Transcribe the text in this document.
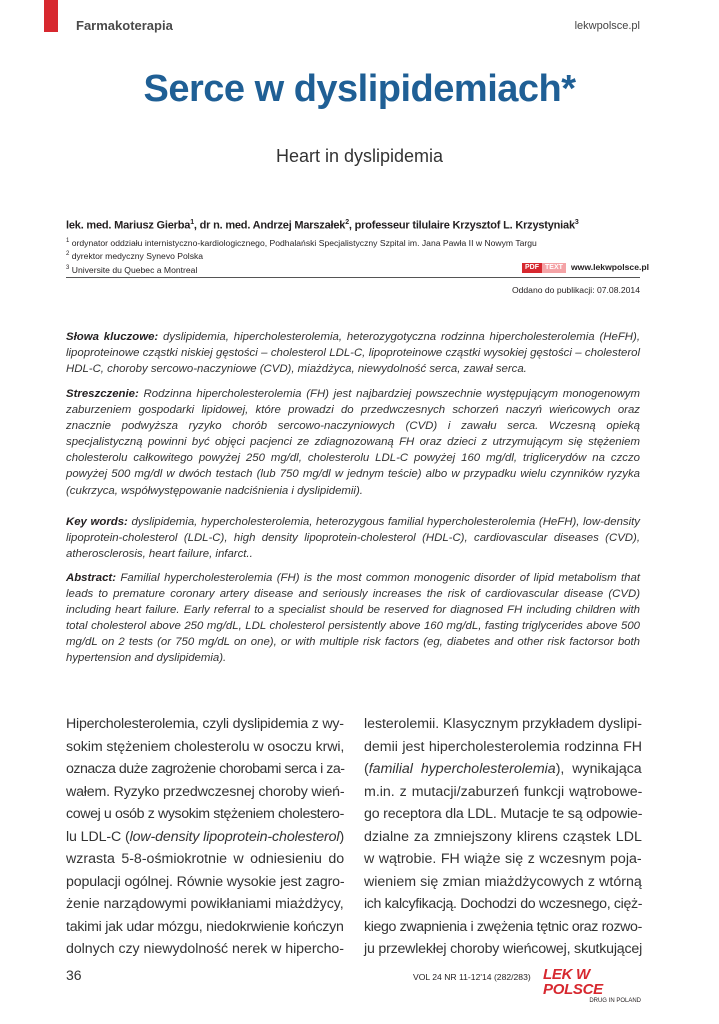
Farmakoterapia	lekwpolsce.pl
Serce w dyslipidemiach*
Heart in dyslipidemia
lek. med. Mariusz Gierba$^1$, dr n. med. Andrzej Marszałek$^2$, professeur tilulaire Krzysztof L. Krzystyniak$^3$
$^1$ ordynator oddziału internistyczno-kardiologicznego, Podhalański Specjalistyczny Szpital im. Jana Pawła II w Nowym Targu
$^2$ dyrektor medyczny Synevo Polska
$^3$ Universite du Quebec a Montreal	PDF TEXT www.lekwpolsce.pl
Oddano do publikacji: 07.08.2014

Słowa kluczowe: dyslipidemia, hipercholesterolemia, heterozygotyczna rodzinna hipercholesterolemia (HeFH), lipoproteinowe cząstki niskiej gęstości – cholesterol LDL-C, lipoproteinowe cząstki wysokiej gęstości – cholesterol HDL-C, choroby sercowo-naczyniowe (CVD), miażdżyca, niewydolność serca, zawał serca.

Streszczenie: Rodzinna hipercholesterolemia (FH) jest najbardziej powszechnie występującym monogenowym zaburzeniem gospodarki lipidowej, które prowadzi do przedwczesnych schorzeń naczyń wieńcowych oraz znacznie podwyższa ryzyko chorób sercowo-naczyniowych (CVD) i zawału serca. Wczesną opieką specjalistyczną powinni być objęci pacjenci ze zdiagnozowaną FH oraz dzieci z utrzymującym się stężeniem cholesterolu całkowitego powyżej 250 mg/dl, cholesterolu LDL-C powyżej 160 mg/dl, triglicerydów na czczo powyżej 500 mg/dl w dwóch testach (lub 750 mg/dl w jednym teście) albo w przypadku wielu czynników ryzyka (cukrzyca, współwystępowanie nadciśnienia i dyslipidemii).

Key words: dyslipidemia, hypercholesterolemia, heterozygous familial hypercholesterolemia (HeFH), low-density lipoprotein-cholesterol (LDL-C), high density lipoprotein-cholesterol (HDL-C), cardiovascular diseases (CVD), atherosclerosis, heart failure, infarct..

Abstract: Familial hypercholesterolemia (FH) is the most common monogenic disorder of lipid metabolism that leads to premature coronary artery disease and seriously increases the risk of cardiovascular disease (CVD) including heart failure. Early referral to a specialist should be reserved for diagnosed FH including children with total cholesterol above 250 mg/dL, LDL cholesterol persistently above 160 mg/dL, fasting triglycerides above 500 mg/dL on 2 tests (or 750 mg/dL on one), or with multiple risk factors (eg, diabetes and other risk factorsor both hypertension and dyslipidemia).

Hipercholesterolemia, czyli dyslipidemia z wy-
sokim stężeniem cholesterolu w osoczu krwi,
oznacza duże zagrożenie chorobami serca i za-
wałem. Ryzyko przedwczesnej choroby wień-
cowej u osób z wysokim stężeniem cholestero-
lu LDL-C (low-density lipoprotein-cholesterol)
wzrasta 5-8-ośmiokrotnie w odniesieniu do
populacji ogólnej. Równie wysokie jest zagro-
żenie narządowymi powikłaniami miażdżycy,
takimi jak udar mózgu, niedokrwienie kończyn
dolnych czy niewydolność nerek w hipercho-
lesterolemii. Klasycznym przykładem dyslipi-
demii jest hipercholesterolemia rodzinna FH
(familial hypercholesterolemia), wynikająca
m.in. z mutacji/zaburzeń funkcji wątrobowe-
go receptora dla LDL. Mutacje te są odpowie-
dzialne za zmniejszony klirens cząstek LDL
w wątrobie. FH wiąże się z wczesnym poja-
wieniem się zmian miażdżycowych z wtórną
ich kalcyfikacją. Dochodzi do wczesnego, cięż-
kiego zwapnienia i zwężenia tętnic oraz rozwo-
ju przewlekłej choroby wieńcowej, skutkującej
36	VOL 24 NR 11-12'14 (282/283) LEK W POLSCE
DRUG IN POLAND
